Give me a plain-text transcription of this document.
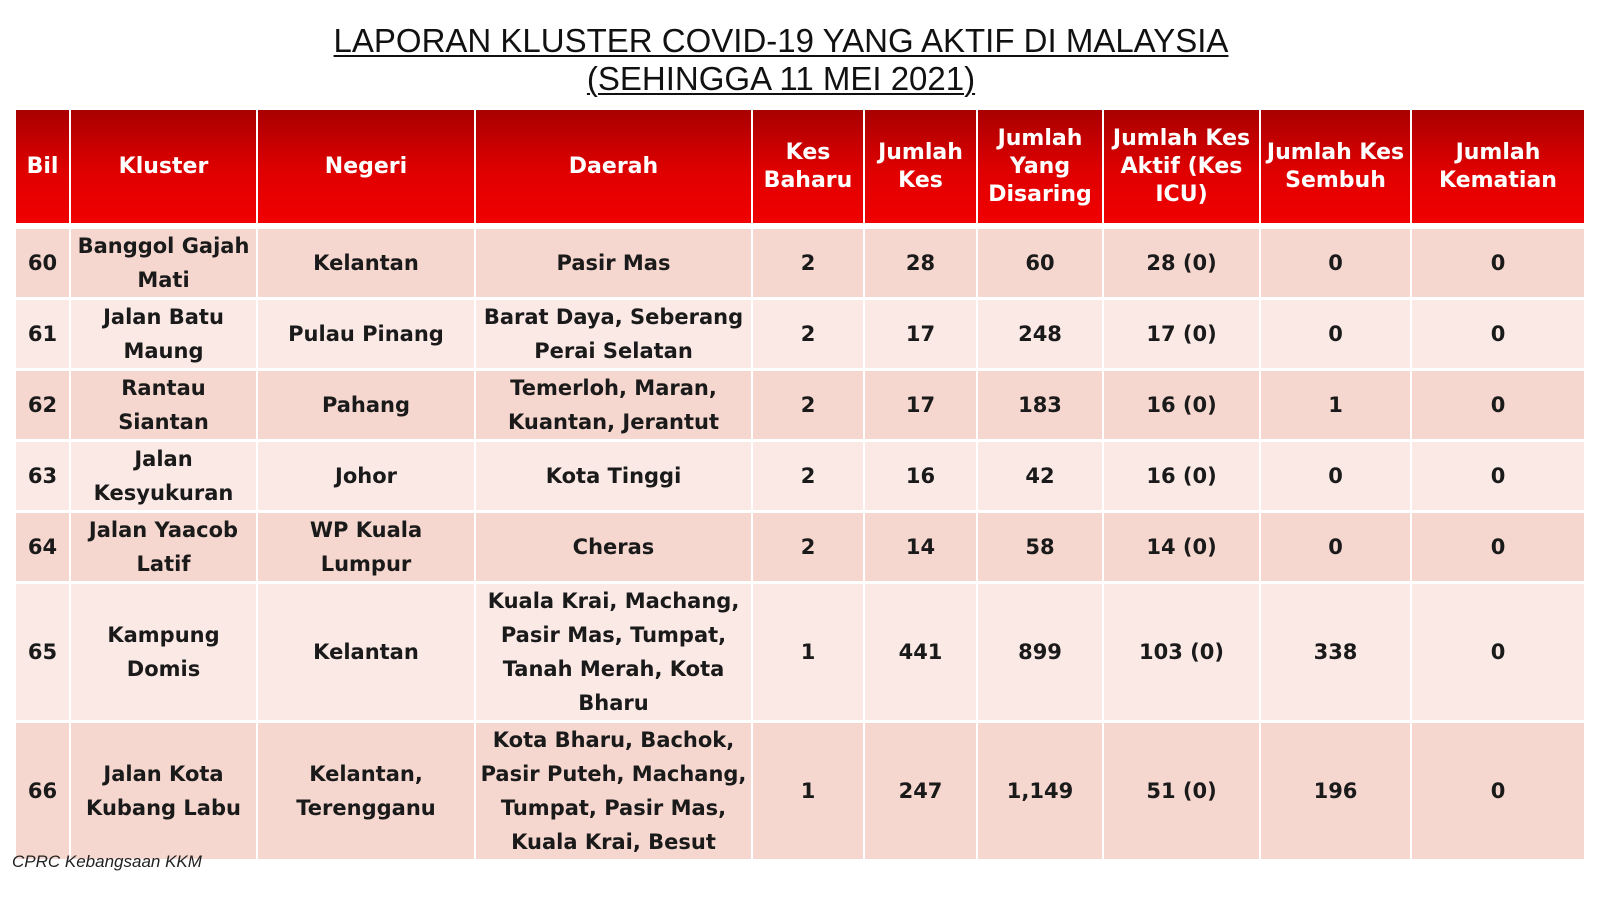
LAPORAN KLUSTER COVID-19 YANG AKTIF DI MALAYSIA
(SEHINGGA 11 MEI 2021)
Bil	Kluster	Negeri	Daerah	Kes Baharu	Jumlah Kes	Jumlah Yang Disaring	Jumlah Kes Aktif (Kes ICU)	Jumlah Kes Sembuh	Jumlah Kematian
60	Banggol Gajah Mati	Kelantan	Pasir Mas	2	28	60	28 (0)	0	0
61	Jalan Batu Maung	Pulau Pinang	Barat Daya, Seberang Perai Selatan	2	17	248	17 (0)	0	0
62	Rantau Siantan	Pahang	Temerloh, Maran, Kuantan, Jerantut	2	17	183	16 (0)	1	0
63	Jalan Kesyukuran	Johor	Kota Tinggi	2	16	42	16 (0)	0	0
64	Jalan Yaacob Latif	WP Kuala Lumpur	Cheras	2	14	58	14 (0)	0	0
65	Kampung Domis	Kelantan	Kuala Krai, Machang, Pasir Mas, Tumpat, Tanah Merah, Kota Bharu	1	441	899	103 (0)	338	0
66	Jalan Kota Kubang Labu	Kelantan, Terengganu	Kota Bharu, Bachok, Pasir Puteh, Machang, Tumpat, Pasir Mas, Kuala Krai, Besut	1	247	1,149	51 (0)	196	0
CPRC Kebangsaan KKM
